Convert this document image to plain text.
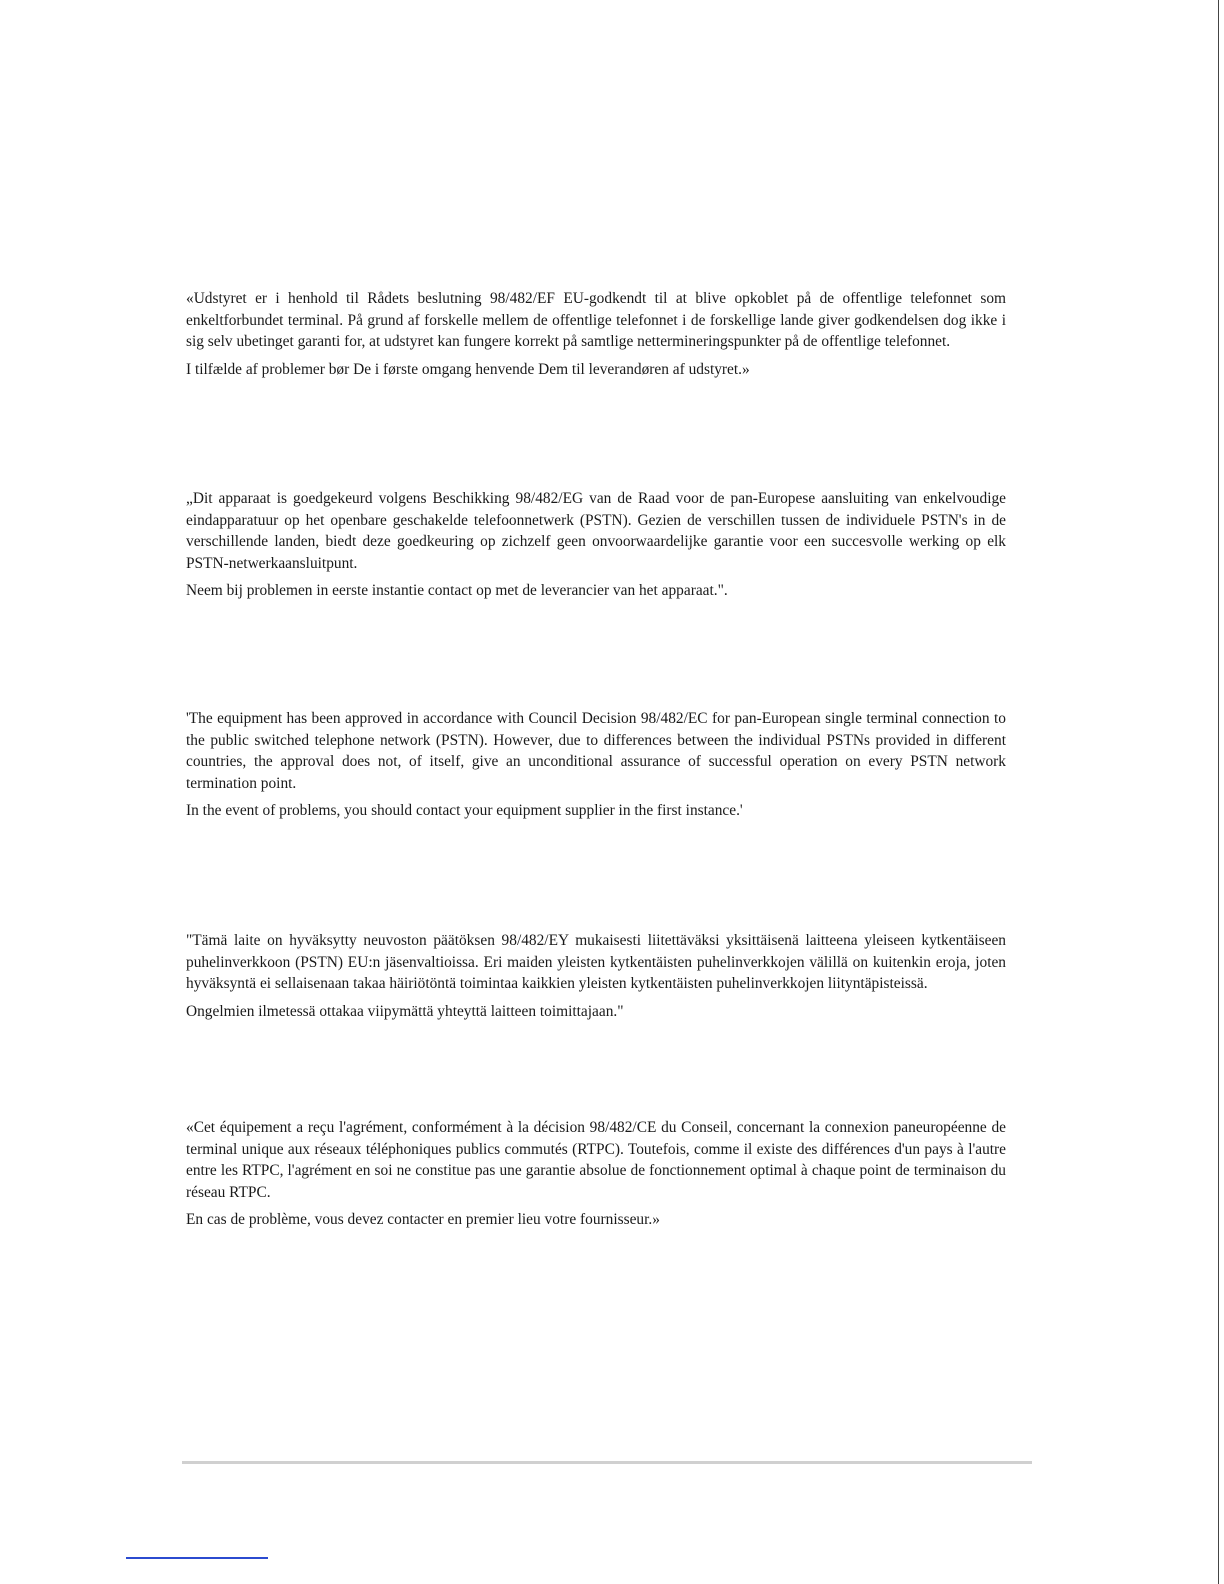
«Udstyret er i henhold til Rådets beslutning 98/482/EF EU-godkendt til at blive opkoblet på de offentlige telefonnet som enkeltforbundet terminal. På grund af forskelle mellem de offentlige telefonnet i de forskellige lande giver godkendelsen dog ikke i sig selv ubetinget garanti for, at udstyret kan fungere korrekt på samtlige nettermineringspunkter på de offentlige telefonnet.

I tilfælde af problemer bør De i første omgang henvende Dem til leverandøren af udstyret.»

„Dit apparaat is goedgekeurd volgens Beschikking 98/482/EG van de Raad voor de pan-Europese aansluiting van enkelvoudige eindapparatuur op het openbare geschakelde telefoonnetwerk (PSTN). Gezien de verschillen tussen de individuele PSTN's in de verschillende landen, biedt deze goedkeuring op zichzelf geen onvoorwaardelijke garantie voor een succesvolle werking op elk PSTN-netwerkaansluitpunt.

Neem bij problemen in eerste instantie contact op met de leverancier van het apparaat.".

'The equipment has been approved in accordance with Council Decision 98/482/EC for pan-European single terminal connection to the public switched telephone network (PSTN). However, due to differences between the individual PSTNs provided in different countries, the approval does not, of itself, give an unconditional assurance of successful operation on every PSTN network termination point.

In the event of problems, you should contact your equipment supplier in the first instance.'

"Tämä laite on hyväksytty neuvoston päätöksen 98/482/EY mukaisesti liitettäväksi yksittäisenä laitteena yleiseen kytkentäiseen puhelinverkkoon (PSTN) EU:n jäsenvaltioissa. Eri maiden yleisten kytkentäisten puhelinverkkojen välillä on kuitenkin eroja, joten hyväksyntä ei sellaisenaan takaa häiriötöntä toimintaa kaikkien yleisten kytkentäisten puhelinverkkojen liityntäpisteissä.

Ongelmien ilmetessä ottakaa viipymättä yhteyttä laitteen toimittajaan."

«Cet équipement a reçu l'agrément, conformément à la décision 98/482/CE du Conseil, concernant la connexion paneuropéenne de terminal unique aux réseaux téléphoniques publics commutés (RTPC). Toutefois, comme il existe des différences d'un pays à l'autre entre les RTPC, l'agrément en soi ne constitue pas une garantie absolue de fonctionnement optimal à chaque point de terminaison du réseau RTPC.

En cas de problème, vous devez contacter en premier lieu votre fournisseur.»
